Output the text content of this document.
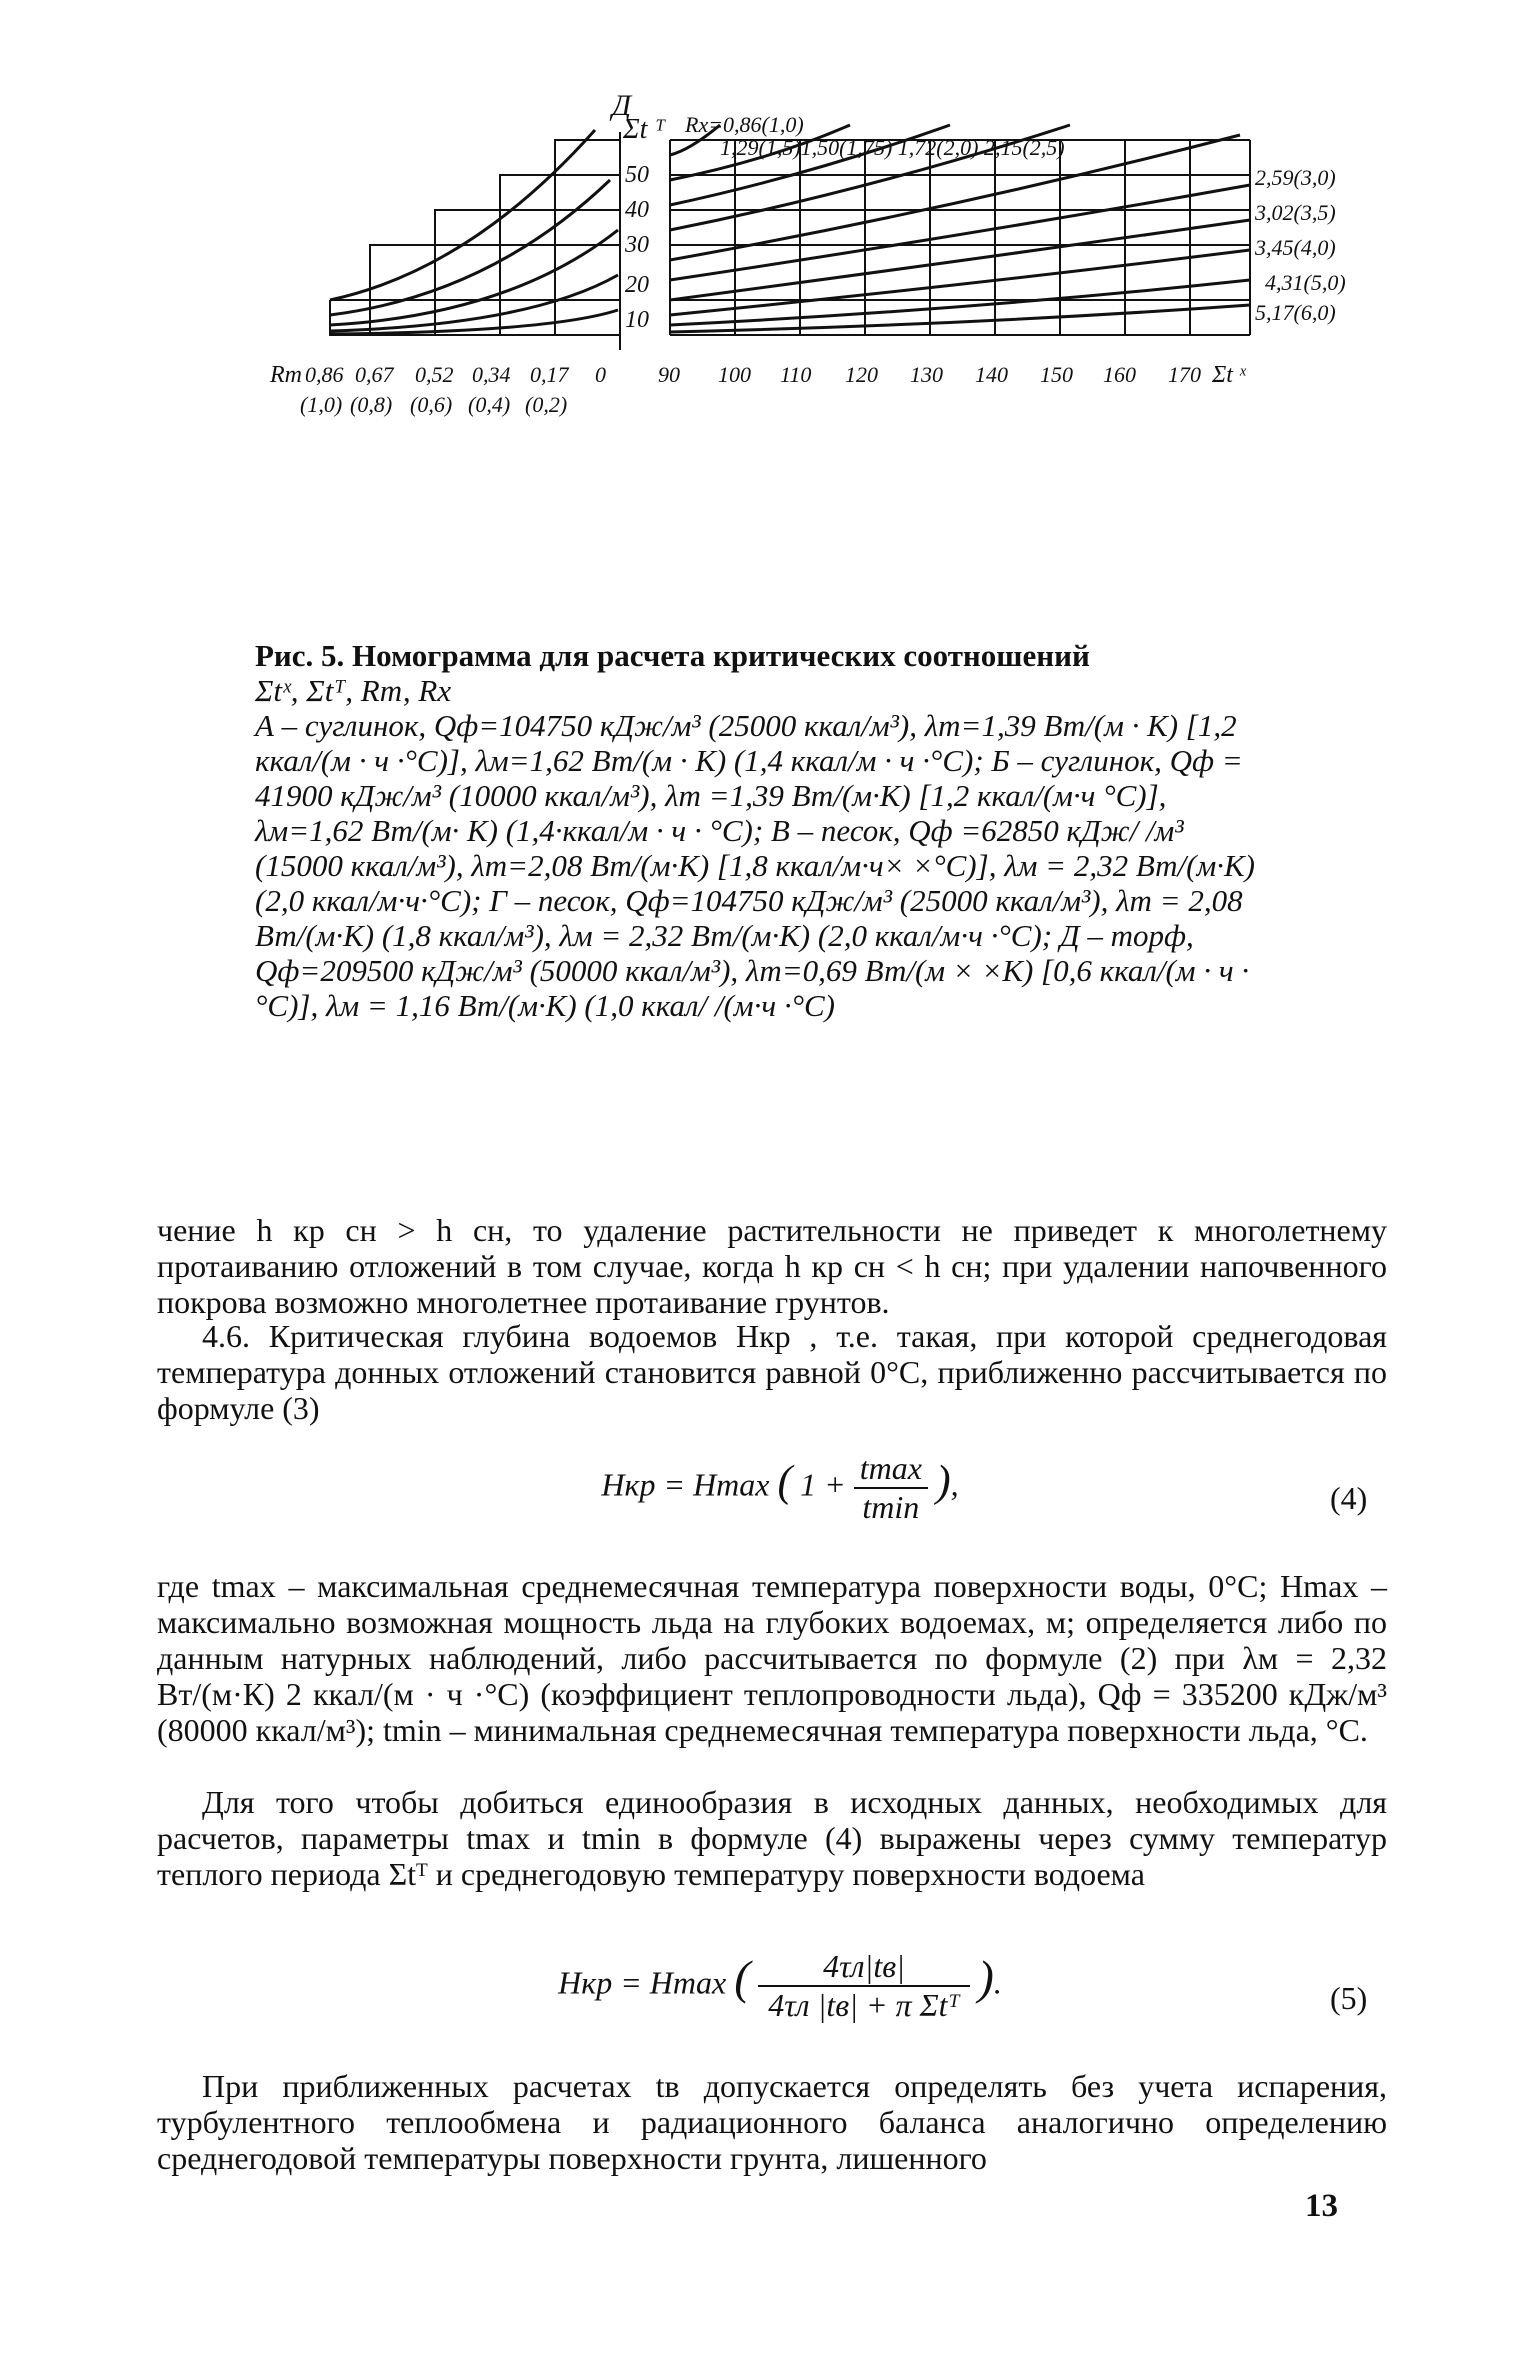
Д
Σt ᵀ Rx=0,86(1,0)
1,29(1,5)1,50(1,75) 1,72(2,0) 2,15(2,5)
2,59(3,0)
3,02(3,5)
3,45(4,0)
4,31(5,0)
5,17(6,0)
50
40
30
20
10
Rт 0,86 0,67 0,52 0,34 0,17 0
(1,0) (0,8) (0,6) (0,4) (0,2)
90 100 110 120 130 140 150 160 170 Σt ˣ
Рис. 5. Номограмма для расчета критических соотношений
Σtˣ, Σtᵀ, Rт, Rх
А – суглинок, Qф=104750 кДж/м³ (25000 ккал/м³), λт=1,39 Вт/(м · К) [1,2 ккал/(м · ч ·°С)], λм=1,62 Вт/(м · К) (1,4 ккал/м · ч ·°С); Б – суглинок, Qф = 41900 кДж/м³ (10000 ккал/м³), λт =1,39 Вт/(м·К) [1,2 ккал/(м·ч °С)], λм=1,62 Вт/(м· К) (1,4·ккал/м · ч · °С); В – песок, Qф =62850 кДж/ /м³ (15000 ккал/м³), λт=2,08 Вт/(м·К) [1,8 ккал/м·ч× ×°С)], λм = 2,32 Вт/(м·К) (2,0 ккал/м·ч·°С); Г – песок, Qф=104750 кДж/м³ (25000 ккал/м³), λт = 2,08 Вт/(м·К) (1,8 ккал/м³), λм = 2,32 Вт/(м·К) (2,0 ккал/м·ч ·°С); Д – торф, Qф=209500 кДж/м³ (50000 ккал/м³), λт=0,69 Вт/(м × ×К) [0,6 ккал/(м · ч · °С)], λм = 1,16 Вт/(м·К) (1,0 ккал/ /(м·ч ·°С)
чение h кр сн > h сн, то удаление растительности не приведет к многолетнему протаиванию отложений в том случае, когда h кр сн < h сн; при удалении напочвенного покрова возможно многолетнее протаивание грунтов.
4.6. Критическая глубина водоемов Hкр , т.е. такая, при которой среднегодовая температура донных отложений становится равной 0°С, приближенно рассчитывается по формуле (3)
Hкр = Hmax ( 1 + tmax
tmin
),	(4)
где tmax – максимальная среднемесячная температура поверхности воды, 0°С; Hmax – максимально возможная мощность льда на глубоких водоемах, м; определяется либо по данным натурных наблюдений, либо рассчитывается по формуле (2) при λм = 2,32 Вт/(м·К) 2 ккал/(м · ч ·°С) (коэффициент теплопроводности льда), Qф = 335200 кДж/м³ (80000 ккал/м³); tmin – минимальная среднемесячная температура поверхности льда, °С.
Для того чтобы добиться единообразия в исходных данных, необходимых для расчетов, параметры tmax и tmin в формуле (4) выражены через сумму температур теплого периода Σtᵀ и среднегодовую температуру поверхности водоема
Hкр = Hmax (	4τл|tв|
4τл |tв| + π Σtᵀ
).	(5)
При приближенных расчетах tв допускается определять без учета испарения, турбулентного теплообмена и радиационного баланса аналогично определению среднегодовой температуры поверхности грунта, лишенного
13
